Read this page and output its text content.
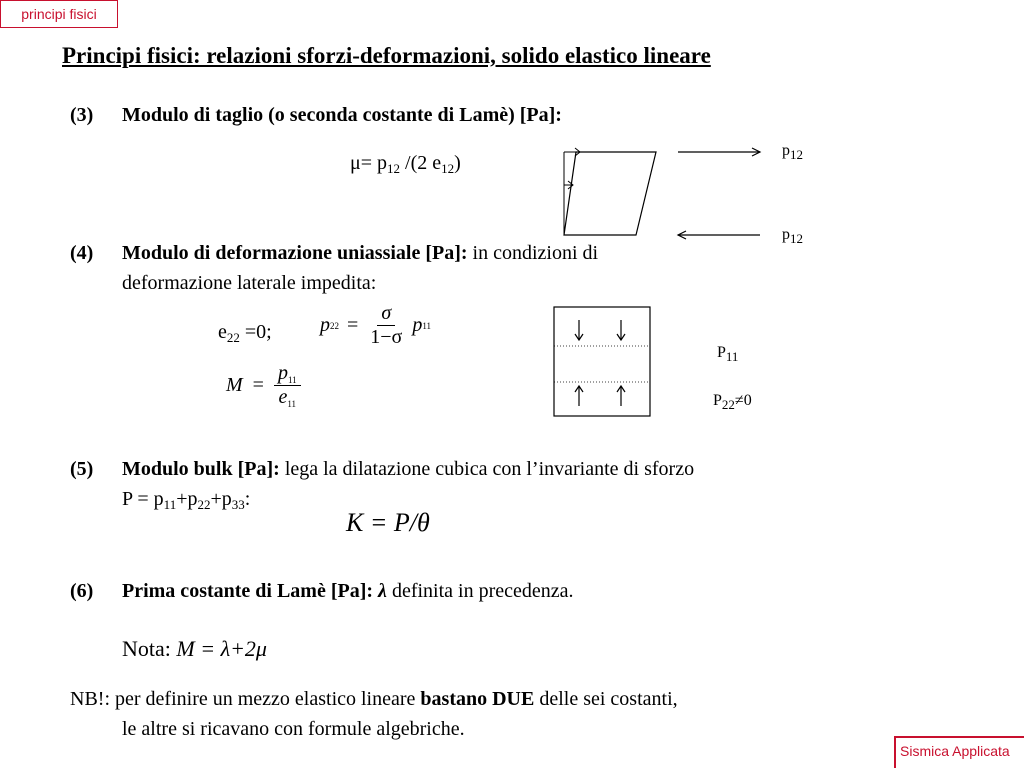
principi fisici
Sismica Applicata
Principi fisici: relazioni sforzi-deformazioni, solido elastico lineare
(3) Modulo di taglio (o seconda costante di Lamè) [Pa]:
$\mu= p_{12}$ /(2 $e_{12}$)
$p_{12}$
$p_{12}$
(4) Modulo di deformazione uniassiale [Pa]: in condizioni di
deformazione laterale impedita:
$e_{22} =0$; p $22 = \frac{\sigma}{1-\sigma}$ p 11
$M = \frac{p_{11}}{e_{11}}$
$P_{11}$
$P_{22}\ne 0$
(5) Modulo bulk [Pa]: lega la dilatazione cubica con l’invariante di sforzo
$P = p_{11}+p_{22}+p_{33}$:
K = P/θ
(6) Prima costante di Lamè [Pa]: λ definita in precedenza.
Nota: M = λ+2μ
NB!: per definire un mezzo elastico lineare bastano DUE delle sei costanti,
le altre si ricavano con formule algebriche.
